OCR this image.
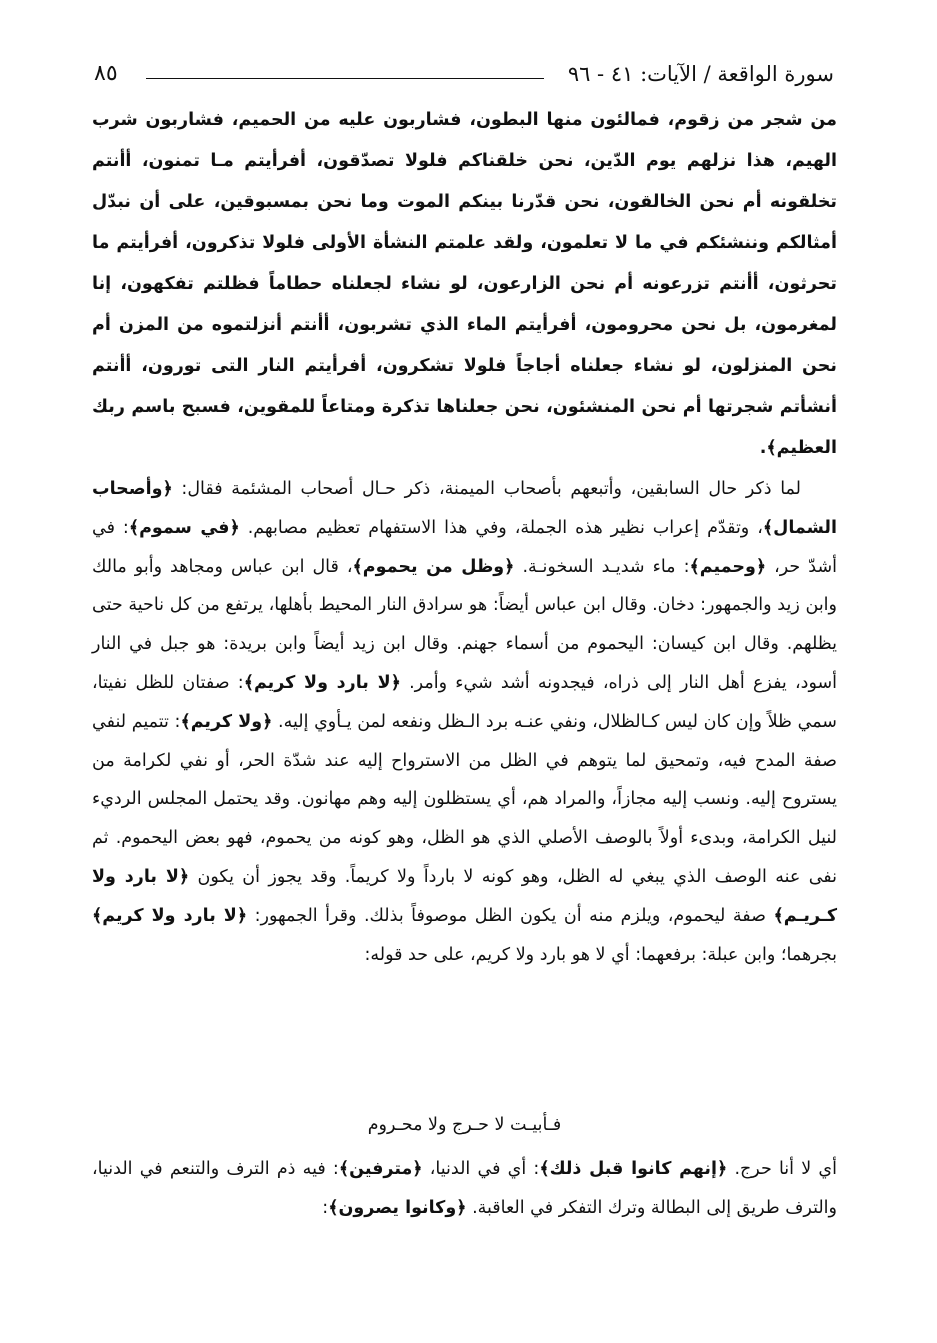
سورة الواقعة / الآيات: ٤١ - ٩٦
٨٥
من شجر من زقوم، فمالئون منها البطون، فشاربون عليه من الحميم، فشاربون شرب الهيم، هذا نزلهم يوم الدّين، نحن خلقناكم فلولا تصدّقون، أفرأيتم مـا تمنون، أأنتم تخلقونه أم نحن الخالقون، نحن قدّرنا بينكم الموت وما نحن بمسبوقين، على أن نبدّل أمثالكم وننشئكم في ما لا تعلمون، ولقد علمتم النشأة الأولى فلولا تذكرون، أفرأيتم ما تحرثون، أأنتم تزرعونه أم نحن الزارعون، لو نشاء لجعلناه حطاماً فظلتم تفكهون، إنا لمغرمون، بل نحن محرومون، أفرأيتم الماء الذي تشربون، أأنتم أنزلتموه من المزن أم نحن المنزلون، لو نشاء جعلناه أجاجاً فلولا تشكرون، أفرأيتم النار التى تورون، أأنتم أنشأتم شجرتها أم نحن المنشئون، نحن جعلناها تذكرة ومتاعاً للمقوين، فسبح باسم ربك العظيم﴾.

لما ذكر حال السابقين، وأتبعهم بأصحاب الميمنة، ذكر حـال أصحاب المشئمة فقال: ﴿وأصحاب الشمال﴾، وتقدّم إعراب نظير هذه الجملة، وفي هذا الاستفهام تعظيم مصابهم. ﴿في سموم﴾: في أشدّ حر، ﴿وحميم﴾: ماء شديـد السخونـة. ﴿وظل من يحموم﴾، قال ابن عباس ومجاهد وأبو مالك وابن زيد والجمهور: دخان. وقال ابن عباس أيضاً: هو سرادق النار المحيط بأهلها، يرتفع من كل ناحية حتى يظلهم. وقال ابن كيسان: اليحموم من أسماء جهنم. وقال ابن زيد أيضاً وابن بريدة: هو جبل في النار أسود، يفزع أهل النار إلى ذراه، فيجدونه أشد شيء وأمر. ﴿لا بارد ولا كريم﴾: صفتان للظل نفيتا، سمي ظلاً وإن كان ليس كـالظلال، ونفي عنـه برد الـظل ونفعه لمن يـأوي إليه. ﴿ولا كريم﴾: تتميم لنفي صفة المدح فيه، وتمحيق لما يتوهم في الظل من الاسترواح إليه عند شدّة الحر، أو نفي لكرامة من يستروح إليه. ونسب إليه مجازاً، والمراد هم، أي يستظلون إليه وهم مهانون. وقد يحتمل المجلس الرديء لنيل الكرامة، وبدىء أولاً بالوصف الأصلي الذي هو الظل، وهو كونه من يحموم، فهو بعض اليحموم. ثم نفى عنه الوصف الذي يبغي له الظل، وهو كونه لا بارداً ولا كريماً. وقد يجوز أن يكون ﴿لا بارد ولا كـريـم﴾ صفة ليحموم، ويلزم منه أن يكون الظل موصوفاً بذلك. وقرأ الجمهور: ﴿لا بارد ولا كريم﴾ بجرهما؛ وابن عبلة: برفعهما: أي لا هو بارد ولا كريم، على حد قوله:

فـأبيـت لا حـرج ولا محـروم

أي لا أنا حرج. ﴿إنهم كانوا قبل ذلك﴾: أي في الدنيا، ﴿مترفين﴾: فيه ذم الترف والتنعم في الدنيا، والترف طريق إلى البطالة وترك التفكر في العاقبة. ﴿وكانوا يصرون﴾:
